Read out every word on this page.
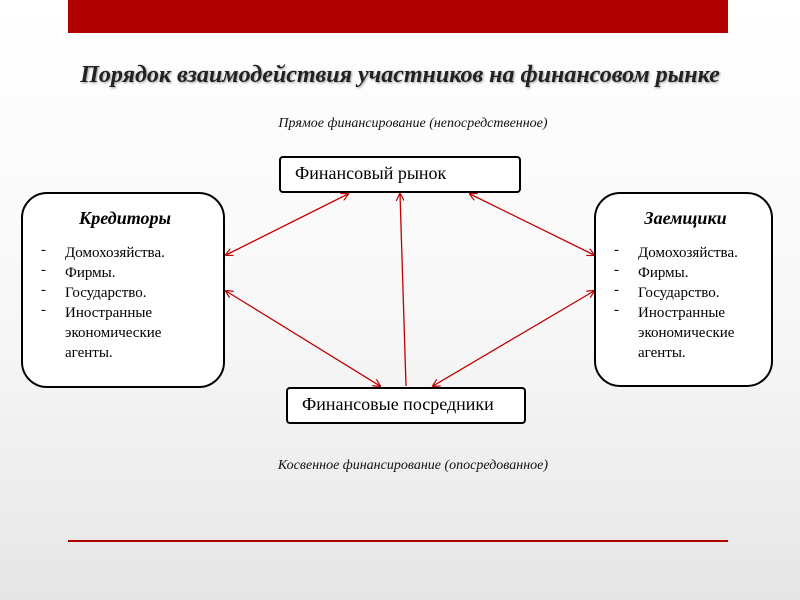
Порядок взаимодействия участников на финансовом рынке
Прямое финансирование (непосредственное)
Финансовый рынок
Кредиторы
- Домохозяйства.
- Фирмы.
- Государство.
- Иностранные экономические агенты.
Заемщики
- Домохозяйства.
- Фирмы.
- Государство.
- Иностранные экономические агенты.
Финансовые посредники
Косвенное финансирование (опосредованное)
